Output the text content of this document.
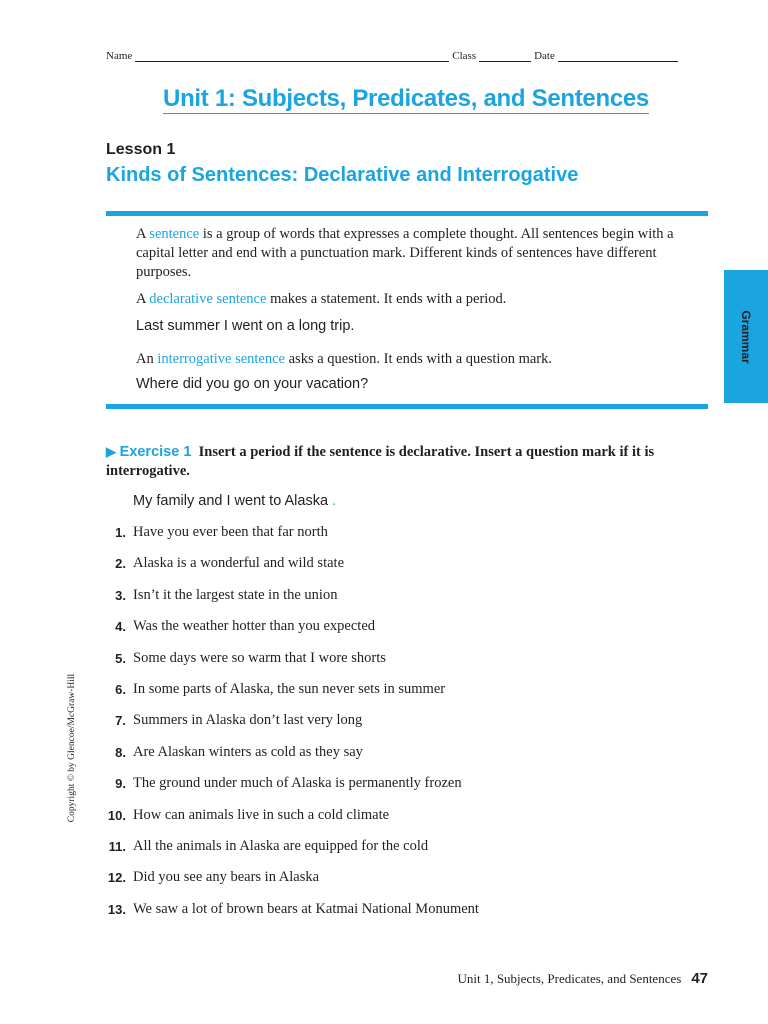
Name	Class	Date
Unit 1: Subjects, Predicates, and Sentences
Lesson 1
Kinds of Sentences: Declarative and Interrogative
A sentence is a group of words that expresses a complete thought. All sentences begin with a capital letter and end with a punctuation mark. Different kinds of sentences have different purposes.
A declarative sentence makes a statement. It ends with a period.
Last summer I went on a long trip.
An interrogative sentence asks a question. It ends with a question mark.
Where did you go on your vacation?
Grammar
▶ Exercise 1 Insert a period if the sentence is declarative. Insert a question mark if it is interrogative.
My family and I went to Alaska .
1. Have you ever been that far north
2. Alaska is a wonderful and wild state
3. Isn’t it the largest state in the union
4. Was the weather hotter than you expected
5. Some days were so warm that I wore shorts
6. In some parts of Alaska, the sun never sets in summer
7. Summers in Alaska don’t last very long
8. Are Alaskan winters as cold as they say
9. The ground under much of Alaska is permanently frozen
10. How can animals live in such a cold climate
11. All the animals in Alaska are equipped for the cold
12. Did you see any bears in Alaska
13. We saw a lot of brown bears at Katmai National Monument
Copyright © by Glencoe/McGraw-Hill
Unit 1, Subjects, Predicates, and Sentences 47
